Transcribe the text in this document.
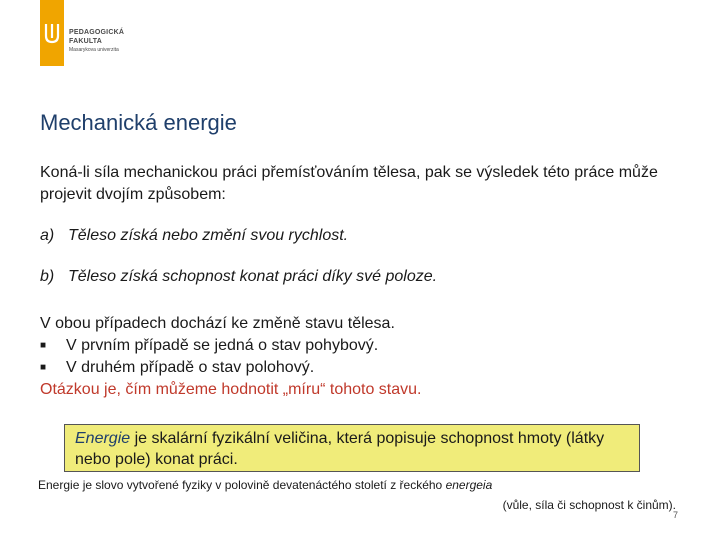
PEDAGOGICKÁ
FAKULTA
Masarykova univerzita
Mechanická energie
Koná-li síla mechanickou práci přemísťováním tělesa, pak se výsledek této práce může projevit dvojím způsobem:
a) Těleso získá nebo změní svou rychlost.
b) Těleso získá schopnost konat práci díky své poloze.
V obou případech dochází ke změně stavu tělesa.
■ V prvním případě se jedná o stav pohybový.
■ V druhém případě o stav polohový.
Otázkou je, čím můžeme hodnotit „míru“ tohoto stavu.
Energie je skalární fyzikální veličina, která popisuje schopnost hmoty (látky nebo pole) konat práci.
Energie je slovo vytvořené fyziky v polovině devatenáctého století z řeckého energeia
(vůle, síla či schopnost k činům).
7
